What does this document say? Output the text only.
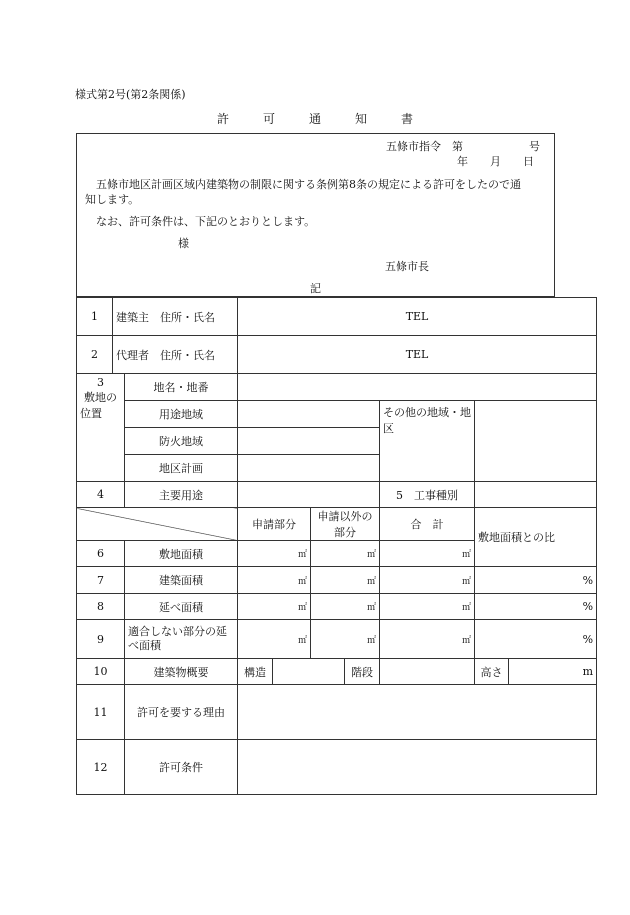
様式第2号(第2条関係)
許	可	通	知	書
五條市指令　第　　　　　　号
年　　月　　日
　五條市地区計画区域内建築物の制限に関する条例第8条の規定による許可をしたので通
知します。
　なお、許可条件は、下記のとおりとします。
様
五條市長
記
1	建築主　住所・氏名		TEL						
2	代理者　住所・氏名		TEL						

3
敷地の
位置		地名・地番							
		用途地域					その他の地域・地区		
		防火地域							
		地区計画							
4		主要用途					5　 工事種別		
			申請部分		申請以外の部分		合　計	敷地面積との比	
6		敷地面積	㎡		㎡		㎡		
7		建築面積	㎡		㎡		㎡	%	
8		延べ面積	㎡		㎡		㎡	%	
9		適合しない部分の延べ面積	㎡		㎡		㎡	%	
10		建築物概要	構造			階段		高さ	m
11		許可を要する理由							
12		許可条件							
